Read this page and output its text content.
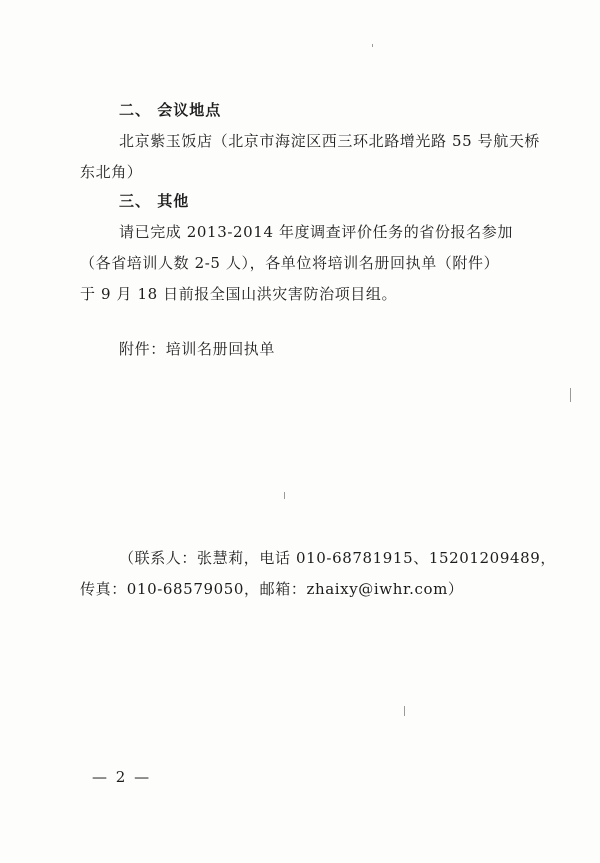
二、 会议地点
北京紫玉饭店（北京市海淀区西三环北路增光路 55 号航天桥
东北角）
三、 其他
请已完成 2013-2014 年度调查评价任务的省份报名参加
（各省培训人数 2-5 人），各单位将培训名册回执单（附件）
于 9 月 18 日前报全国山洪灾害防治项目组。
附件：培训名册回执单
（联系人：张慧莉，电话 010-68781915、15201209489，
传真：010-68579050，邮箱：zhaixy@iwhr.com）
— 2 —
